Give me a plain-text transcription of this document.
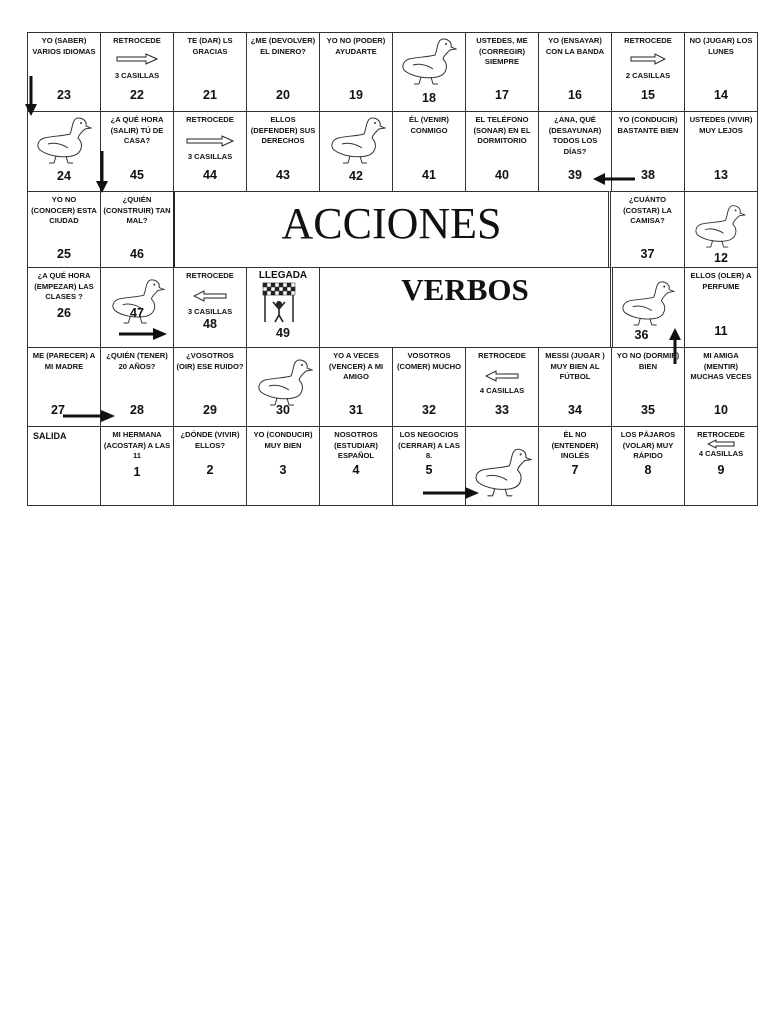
YO (SABER) VARIOS IDIOMAS
23
RETROCEDE
3 CASILLAS
22
TE (DAR) LS GRACIAS
21
¿ME (DEVOLVER) EL DINERO?
20
YO NO (PODER) AYUDARTE
19	18
USTEDES, ME (CORREGIR) SIEMPRE
17
YO (ENSAYAR) CON LA BANDA
16
RETROCEDE
2 CASILLAS
15
NO (JUGAR) LOS LUNES
14
24
¿A QUÉ HORA (SALIR) TÚ DE CASA?
45
RETROCEDE
3 CASILLAS
44
ELLOS (DEFENDER) SUS DERECHOS
43	42
ÉL (VENIR) CONMIGO
41
EL TELÉFONO (SONAR) EN EL DORMITORIO
40
¿ANA, QUÉ (DESAYUNAR) TODOS LOS DÍAS?
39
YO (CONDUCIR) BASTANTE BIEN
38
USTEDES (VIVIR) MUY LEJOS
13
YO NO (CONOCER) ESTA CIUDAD
25
¿QUIÉN (CONSTRUIR) TAN MAL?
46
ACCIONES	¿CUÁNTO (COSTAR) LA CAMISA?
37	12
¿A QUÉ HORA (EMPEZAR) LAS CLASES ?
26	47
RETROCEDE
3 CASILLAS
48
LLEGADA
49
VERBOS
36
ELLOS (OLER) A PERFUME
11
ME (PARECER) A MI MADRE
27
¿QUIÉN (TENER) 20 AÑOS?
28
¿VOSOTROS (OIR) ESE RUIDO?
29	30
YO A VECES (VENCER) A MI AMIGO
31
VOSOTROS (COMER) MUCHO
32
RETROCEDE
4 CASILLAS
33
MESSI (JUGAR ) MUY BIEN AL FÚTBOL
34
YO NO (DORMIR) BIEN
35
MI AMIGA (MENTIR) MUCHAS VECES
10
SALIDA	MI HERMANA (ACOSTAR) A LAS 11
1
¿DÓNDE (VIVIR) ELLOS?
2
YO (CONDUCIR) MUY BIEN
3
NOSOTROS (ESTUDIAR) ESPAÑOL
4
LOS NEGOCIOS (CERRAR) A LAS 8.
5
ÉL NO (ENTENDER) INGLÉS
7
LOS PÁJAROS (VOLAR) MUY RÁPIDO
8
RETROCEDE
4 CASILLAS
9
